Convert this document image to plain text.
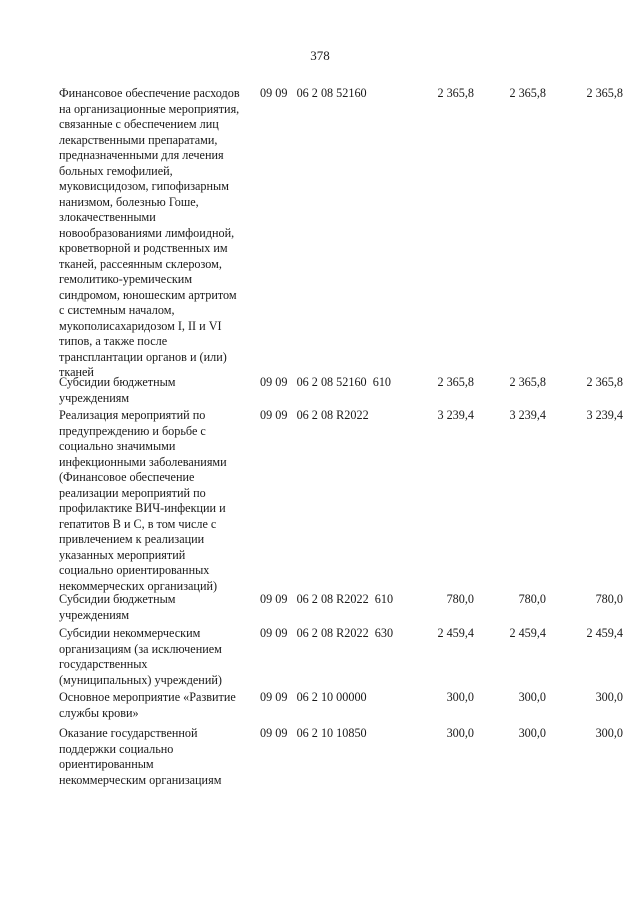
378
Финансовое обеспечение расходов
на организационные мероприятия,
связанные с обеспечением лиц
лекарственными препаратами,
предназначенными для лечения
больных гемофилией,
муковисцидозом, гипофизарным
нанизмом, болезнью Гоше,
злокачественными
новообразованиями лимфоидной,
кроветворной и родственных им
тканей, рассеянным склерозом,
гемолитико-уремическим
синдромом, юношеским артритом
с системным началом,
мукополисахаридозом I, II и VI
типов, а также после
трансплантации органов и (или)
тканей
09 09   06 2 08 52160	2 365,8	2 365,8	2 365,8
Субсидии бюджетным
учреждениям
09 09   06 2 08 52160  610	2 365,8	2 365,8	2 365,8
Реализация мероприятий по
предупреждению и борьбе с
социально значимыми
инфекционными заболеваниями
(Финансовое обеспечение
реализации мероприятий по
профилактике ВИЧ-инфекции и
гепатитов B и C, в том числе с
привлечением к реализации
указанных мероприятий
социально ориентированных
некоммерческих организаций)
09 09   06 2 08 R2022	3 239,4	3 239,4	3 239,4
Субсидии бюджетным
учреждениям
09 09   06 2 08 R2022  610	780,0	780,0	780,0
Субсидии некоммерческим
организациям (за исключением
государственных
(муниципальных) учреждений)
09 09   06 2 08 R2022  630	2 459,4	2 459,4	2 459,4
Основное мероприятие «Развитие
службы крови»
09 09   06 2 10 00000	300,0	300,0	300,0
Оказание государственной
поддержки социально
ориентированным
некоммерческим организациям
09 09   06 2 10 10850	300,0	300,0	300,0
